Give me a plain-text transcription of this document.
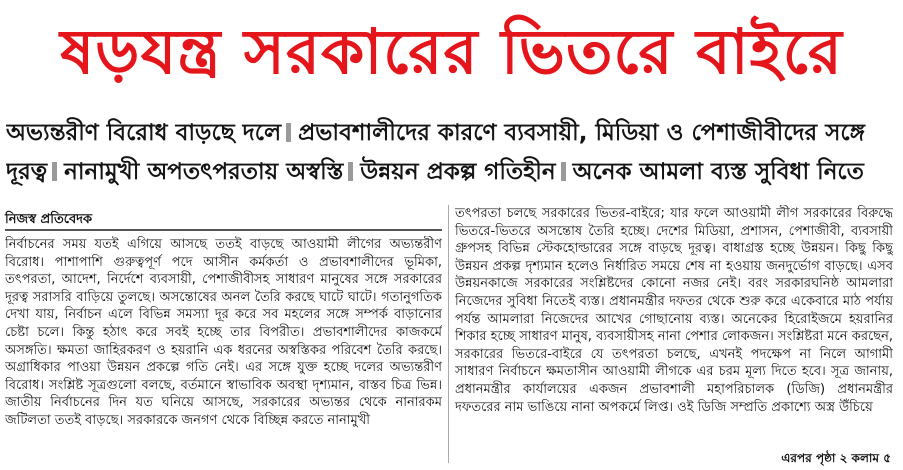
ষড়যন্ত্র সরকারের ভিতরে বাইরে
অভ্যন্তরীণ বিরোধ বাড়ছে দলে প্রভাবশালীদের কারণে ব্যবসায়ী, মিডিয়া ও পেশাজীবীদের সঙ্গে
দূরত্ব নানামুখী অপতৎপরতায় অস্বস্তি উন্নয়ন প্রকল্প গতিহীন অনেক আমলা ব্যস্ত সুবিধা নিতে
নিজস্ব প্রতিবেদক
নির্বাচনের সময় যতই এগিয়ে আসছে ততই বাড়ছে আওয়ামী লীগের অভ্যন্তরীণ বিরোধ। পাশাপাশি গুরুত্বপূর্ণ পদে আসীন কর্মকর্তা ও প্রভাবশালীদের ভূমিকা, তৎপরতা, আদেশ, নির্দেশে ব্যবসায়ী, পেশাজীবীসহ সাধারণ মানুষের সঙ্গে সরকারের দূরত্ব সরাসরি বাড়িয়ে তুলছে। অসন্তোষের অনল তৈরি করছে ঘাটে ঘাটে। গতানুগতিক দেখা যায়, নির্বাচন এলে বিভিন্ন সমস্যা দূর করে সব মহলের সঙ্গে সম্পর্ক বাড়ানোর চেষ্টা চলে। কিন্তু হঠাৎ করে সবই হচ্ছে তার বিপরীত। প্রভাবশালীদের কাজকর্মে অসঙ্গতি। ক্ষমতা জাহিরকরণ ও হয়রানি এক ধরনের অস্বস্তিকর পরিবেশ তৈরি করছে। অগ্রাধিকার পাওয়া উন্নয়ন প্রকল্পে গতি নেই। এর সঙ্গে যুক্ত হচ্ছে দলের অভ্যন্তরীণ বিরোধ। সংশ্লিষ্ট সূত্রগুলো বলছে, বর্তমানে স্বাভাবিক অবস্থা দৃশ্যমান, বাস্তব চিত্র ভিন্ন। জাতীয় নির্বাচনের দিন যত ঘনিয়ে আসছে, সরকারের অভ্যন্তর থেকে নানারকম জটিলতা ততই বাড়ছে। সরকারকে জনগণ থেকে বিচ্ছিন্ন করতে নানামুখী
তৎপরতা চলছে সরকারের ভিতর-বাইরে; যার ফলে আওয়ামী লীগ সরকারের বিরুদ্ধে ভিতরে-ভিতরে অসন্তোষ তৈরি হচ্ছে। দেশের মিডিয়া, প্রশাসন, পেশাজীবী, ব্যবসায়ী গ্রুপসহ বিভিন্ন স্টেকহোল্ডারের সঙ্গে বাড়ছে দূরত্ব। বাধাগ্রস্ত হচ্ছে উন্নয়ন। কিছু কিছু উন্নয়ন প্রকল্প দৃশ্যমান হলেও নির্ধারিত সময়ে শেষ না হওয়ায় জনদুর্ভোগ বাড়ছে। এসব উন্নয়নকাজে সরকারের সংশ্লিষ্টদের কোনো নজর নেই। বরং সরকারঘনিষ্ঠ আমলারা নিজেদের সুবিধা নিতেই ব্যস্ত। প্রধানমন্ত্রীর দফতর থেকে শুরু করে একেবারে মাঠ পর্যায় পর্যন্ত আমলারা নিজেদের আখের গোছানোয় ব্যস্ত। অনেকের হিরোইজমে হয়রানির শিকার হচ্ছে সাধারণ মানুষ, ব্যবসায়ীসহ নানা পেশার লোকজন। সংশ্লিষ্টরা মনে করছেন, সরকারের ভিতরে-বাইরে যে তৎপরতা চলছে, এখনই পদক্ষেপ না নিলে আগামী সাধারণ নির্বাচনে ক্ষমতাসীন আওয়ামী লীগকে এর চরম মূল্য দিতে হবে। সূত্র জানায়, প্রধানমন্ত্রীর কার্যালয়ের একজন প্রভাবশালী মহাপরিচালক (ডিজি) প্রধানমন্ত্রীর দফতরের নাম ভাঙিয়ে নানা অপকর্মে লিপ্ত। ওই ডিজি সম্প্রতি প্রকাশ্যে অস্ত্র উঁচিয়ে
এরপর পৃষ্ঠা ২ কলাম ৫
